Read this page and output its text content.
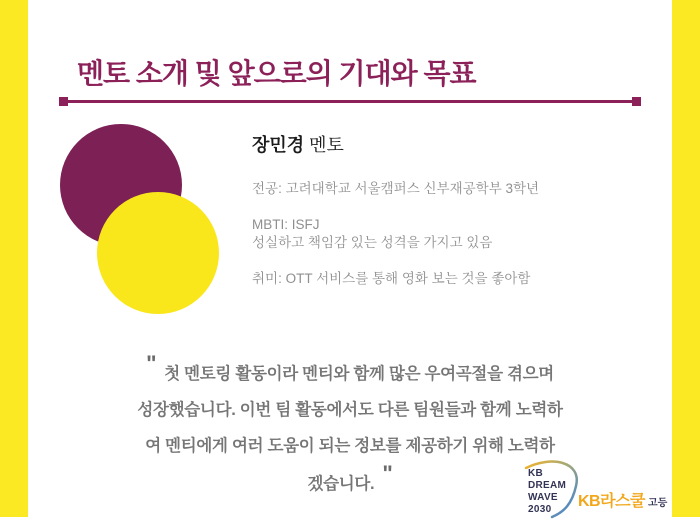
멘토 소개 및 앞으로의 기대와 목표
장민경 멘토

전공: 고려대학교 서울캠퍼스 신부재공학부 3학년

MBTI: ISFJ

성실하고 책임감 있는 성격을 가지고 있음

취미: OTT 서비스를 통해 영화 보는 것을 좋아함

" 첫 멘토링 활동이라 멘티와 함께 많은 우여곡절을 겪으며
성장했습니다. 이번 팀 활동에서도 다른 팀원들과 함께 노력하
여 멘티에게 여러 도움이 되는 정보를 제공하기 위해 노력하
겠습니다. "	KB
DREAM
WAVE
2030	KB라스쿨 고등
